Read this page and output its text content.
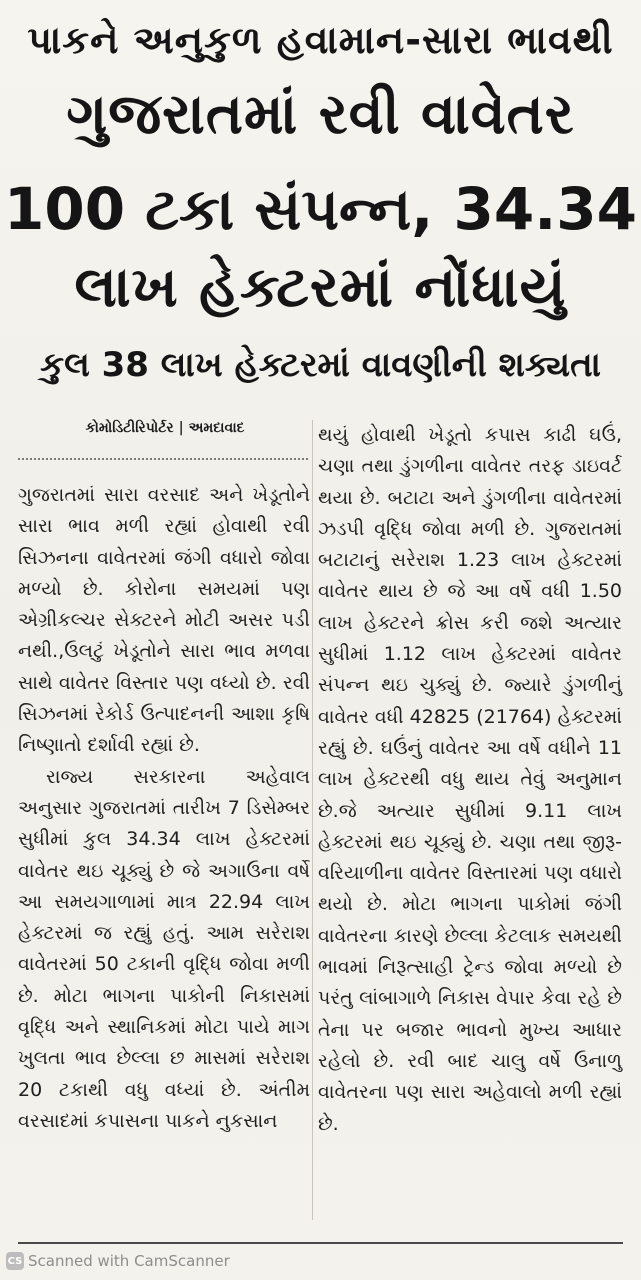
પાકને અનુકુળ હવામાન-સારા ભાવથી
ગુજરાતમાં રવી વાવેતર
100 ટકા સંપન્ન, 34.34
લાખ હેક્ટરમાં નોંધાયું
કુલ 38 લાખ હેક્ટરમાં વાવણીની શક્યતા
કોમોડિટીરિપોર્ટર | અમદાવાદ

ગુજરાતમાં સારા વરસાદ અને ખેડૂતોને સારા ભાવ મળી રહ્યાં હોવાથી રવી સિઝનના વાવેતરમાં જંગી વધારો જોવા મળ્યો છે. કોરોના સમયમાં પણ એગ્રીકલ્ચર સેક્ટરને મોટી અસર પડી નથી.,ઉલટું ખેડૂતોને સારા ભાવ મળવા સાથે વાવેતર વિસ્તાર પણ વધ્યો છે. રવી સિઝનમાં રેકોર્ડ ઉત્પાદનની આશા કૃષિ નિષ્ણાતો દર્શાવી રહ્યાં છે.

રાજ્ય સરકારના અહેવાલ અનુસાર ગુજરાતમાં તારીખ 7 ડિસેમ્બર સુધીમાં કુલ 34.34 લાખ હેક્ટરમાં વાવેતર થઇ ચૂક્યું છે જે અગાઉના વર્ષે આ સમયગાળામાં માત્ર 22.94 લાખ હેક્ટરમાં જ રહ્યું હતું. આમ સરેરાશ વાવેતરમાં 50 ટકાની વૃદ્ધિ જોવા મળી છે. મોટા ભાગના પાકોની નિકાસમાં વૃદ્ધિ અને સ્થાનિકમાં મોટા પાયે માગ ખુલતા ભાવ છેલ્લા છ માસમાં સરેરાશ 20 ટકાથી વધુ વધ્યાં છે. અંતીમ વરસાદમાં કપાસના પાકને નુકસાન

થયું હોવાથી ખેડૂતો કપાસ કાઢી ઘઉં, ચણા તથા ડુંગળીના વાવેતર તરફ ડાઇવર્ટ થયા છે. બટાટા અને ડુંગળીના વાવેતરમાં ઝડપી વૃદ્ધિ જોવા મળી છે. ગુજરાતમાં બટાટાનું સરેરાશ 1.23 લાખ હેક્ટરમાં વાવેતર થાય છે જે આ વર્ષે વધી 1.50 લાખ હેક્ટરને ક્રોસ કરી જશે અત્યાર સુધીમાં 1.12 લાખ હેક્ટરમાં વાવેતર સંપન્ન થઇ ચુક્યું છે. જ્યારે ડુંગળીનું વાવેતર વધી 42825 (21764) હેક્ટરમાં રહ્યું છે. ઘઉંનું વાવેતર આ વર્ષે વધીને 11 લાખ હેક્ટરથી વધુ થાય તેવું અનુમાન છે.જે અત્યાર સુધીમાં 9.11 લાખ હેક્ટરમાં થઇ ચૂક્યું છે. ચણા તથા જીરૂ-વરિયાળીના વાવેતર વિસ્તારમાં પણ વધારો થયો છે. મોટા ભાગના પાકોમાં જંગી વાવેતરના કારણે છેલ્લા કેટલાક સમયથી ભાવમાં નિરૂત્સાહી ટ્રેન્ડ જોવા મળ્યો છે પરંતુ લાંબાગાળે નિકાસ વેપાર કેવા રહે છે તેના પર બજાર ભાવનો મુખ્ય આધાર રહેલો છે. રવી બાદ ચાલુ વર્ષે ઉનાળુ વાવેતરના પણ સારા અહેવાલો મળી રહ્યાં છે.

CS Scanned with CamScanner
